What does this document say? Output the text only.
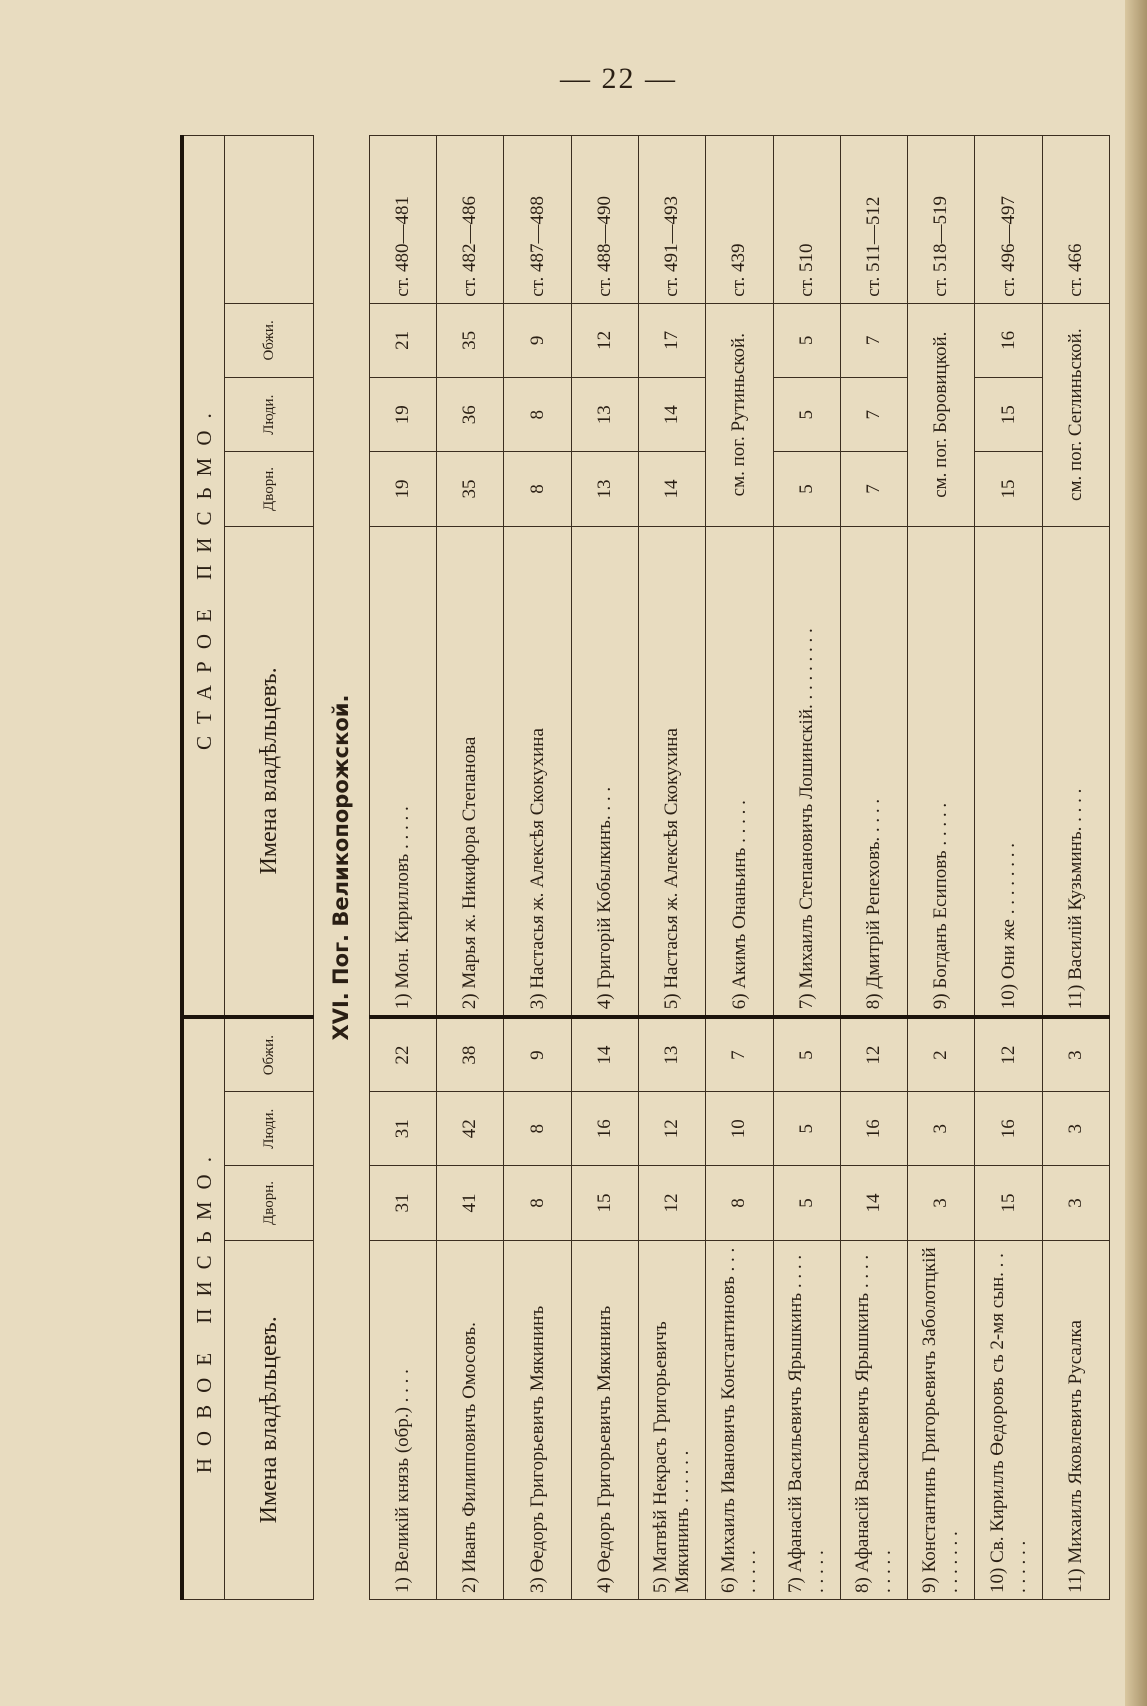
— 22 —
НОВОЕ ПИСЬМО.				СТАРОЕ ПИСЬМО.				
Имена владѣльцевъ.	Дворн.	Люди.	Обжи.	Имена владѣльцевъ.	Дворн.	Люди.	Обжи.	
XVI. Пог. Великопорожской.								
1) Великій князь (обр.) . . . .	31	31	22	1) Мон. Кирилловъ . . . . .	19	19	21	ст. 480—481
2) Иванъ Филипповичъ Омосовъ.	41	42	38	2) Марья ж. Никифора Степанова	35	36	35	ст. 482—486
3) Өедоръ Григорьевичъ Мякининъ	8	8	9	3) Настасья ж. Алексѣя Скокухина	8	8	9	ст. 487—488
4) Өедоръ Григорьевичъ Мякининъ	15	16	14	4) Григорій Кобылкинъ. . . .	13	13	12	ст. 488—490
5) Матвѣй Некрасъ Григорьевичъ Мякининъ . . . . . .	12	12	13	5) Настасья ж. Алексѣя Скокухина	14	14	17	ст. 491—493
6) Михаилъ Ивановичъ Константиновъ . . . . . . . .	8	10	7	6) Акимъ Онаньинъ . . . . .	см. пог. Рутиньской.			ст. 439
7) Афанасій Васильевичъ Ярышкинъ . . . . . . . . .	5	5	5	7) Михаилъ Степановичъ Лошинскій. . . . . . . . .	5	5	5	ст. 510
8) Афанасій Васильевичъ Ярышкинъ . . . . . . . . .	14	16	12	8) Дмитрій Репеховъ. . . . .	7	7	7	ст. 511—512
9) Константинъ Григорьевичъ Заболотцкій . . . . . . .	3	3	2	9) Богданъ Есиповъ . . . . .	см. пог. Боровицкой.			ст. 518—519
10) Св. Кириллъ Өедоровъ съ 2-мя сын. . . . . . . . .	15	16	12	10) Они же . . . . . . . .	15	15	16	ст. 496—497
11) Михаилъ Яковлевичъ Русалка	3	3	3	11) Василій Кузьминъ. . . . .	см. пог. Сеглиньской.			ст. 466
